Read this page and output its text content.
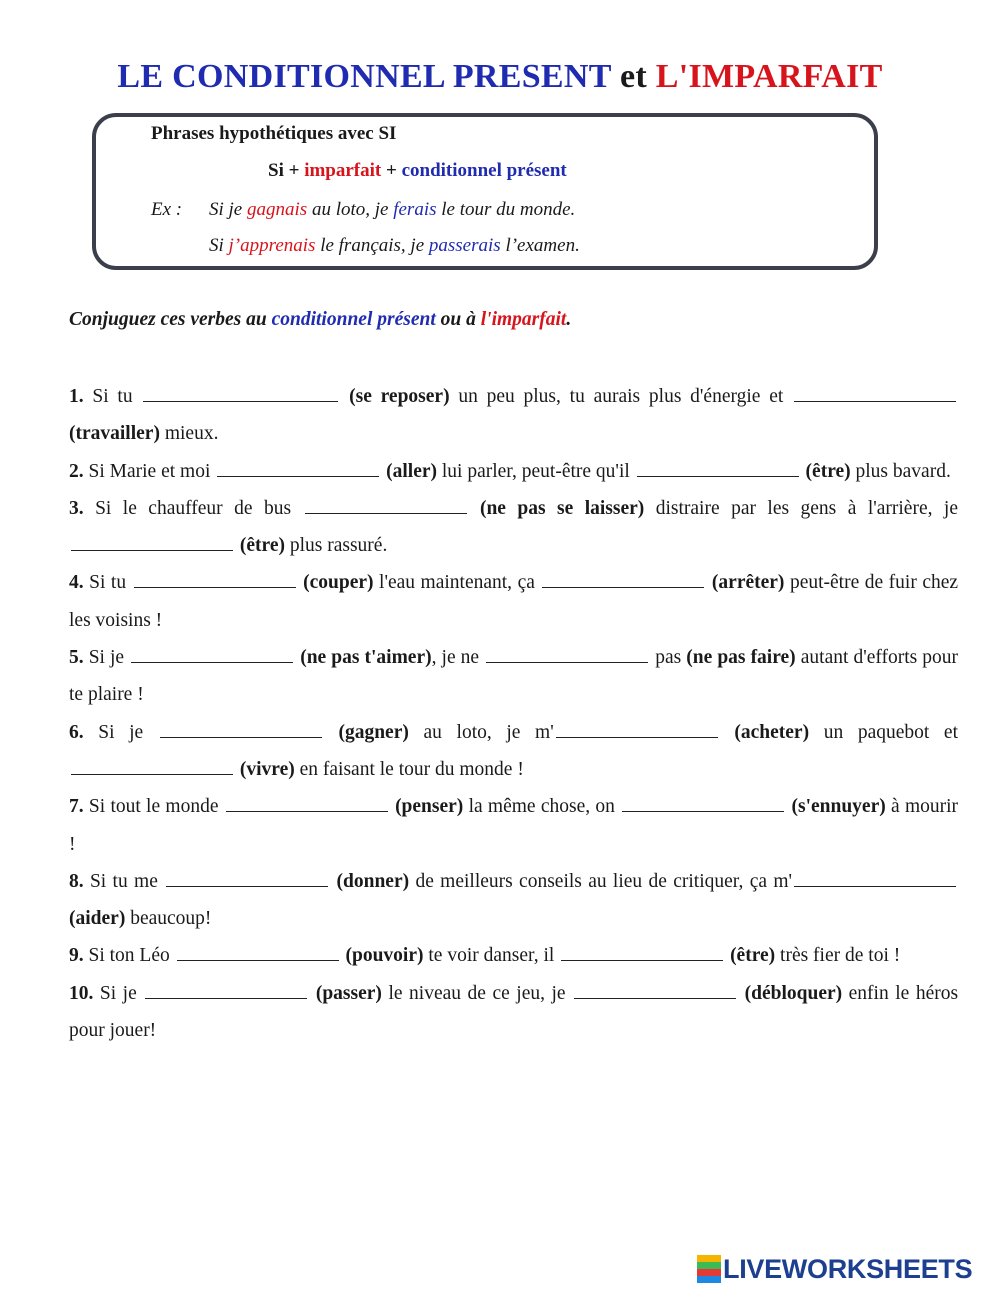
LE CONDITIONNEL PRESENT et L'IMPARFAIT
Phrases hypothétiques avec SI
Si + imparfait + conditionnel présent
Ex : Si je gagnais au loto, je ferais le tour du monde.
Si j’apprenais le français, je passerais l’examen.
Conjuguez ces verbes au conditionnel présent ou à l'imparfait.
1. Si tu	(se reposer) un peu plus, tu aurais plus d'énergie et  (travailler) mieux.
2. Si Marie et moi	(aller) lui parler, peut-être qu'il	(être) plus bavard.
3. Si le chauffeur de bus	(ne pas se laisser) distraire par les gens à l'arrière, je  (être) plus rassuré.
4. Si tu	(couper) l'eau maintenant, ça	(arrêter) peut-être de fuir chez les voisins !
5. Si je	(ne pas t'aimer), je ne	pas (ne pas faire) autant d'efforts pour te plaire !
6. Si je	(gagner) au loto, je m'	(acheter) un paquebot et  (vivre) en faisant le tour du monde !
7. Si tout le monde	(penser) la même chose, on	(s'ennuyer) à mourir !
8. Si tu me	(donner) de meilleurs conseils au lieu de critiquer, ça m' (aider) beaucoup!
9. Si ton Léo	(pouvoir) te voir danser, il	(être) très fier de toi !
10. Si je	(passer) le niveau de ce jeu, je	(débloquer) enfin le héros pour jouer!
LIVEWORKSHEETS
